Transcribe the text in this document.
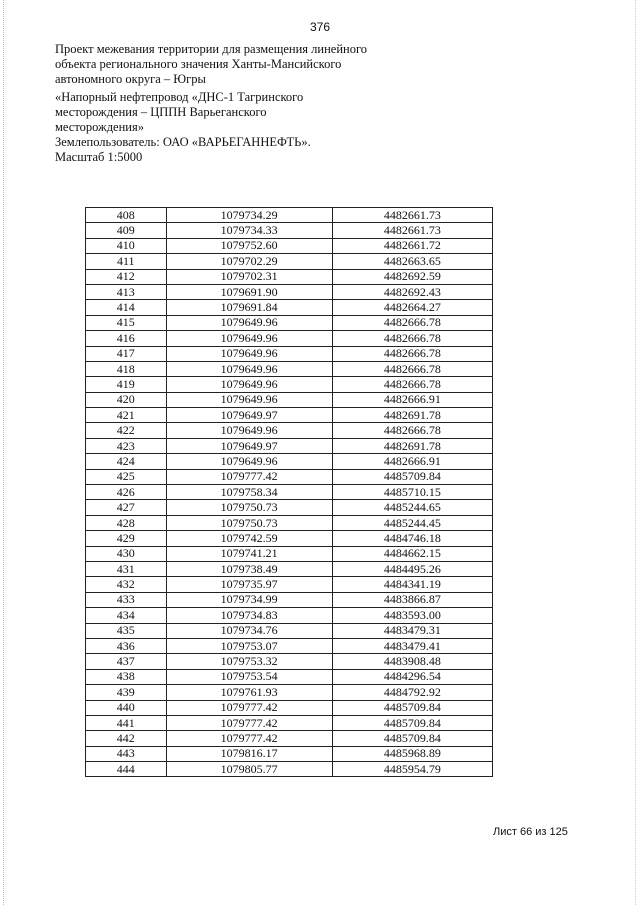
376

Проект межевания территории для размещения линейного

объекта регионального значения Ханты-Мансийского

автономного округа – Югры

«Напорный нефтепровод «ДНС-1 Тагринского

месторождения – ЦППН Варьеганского

месторождения»

Землепользователь: ОАО «ВАРЬЕГАННЕФТЬ».

Масштаб 1:5000

408	1079734.29	4482661.73
409	1079734.33	4482661.73
410	1079752.60	4482661.72
411	1079702.29	4482663.65
412	1079702.31	4482692.59
413	1079691.90	4482692.43
414	1079691.84	4482664.27
415	1079649.96	4482666.78
416	1079649.96	4482666.78
417	1079649.96	4482666.78
418	1079649.96	4482666.78
419	1079649.96	4482666.78
420	1079649.96	4482666.91
421	1079649.97	4482691.78
422	1079649.96	4482666.78
423	1079649.97	4482691.78
424	1079649.96	4482666.91
425	1079777.42	4485709.84
426	1079758.34	4485710.15
427	1079750.73	4485244.65
428	1079750.73	4485244.45
429	1079742.59	4484746.18
430	1079741.21	4484662.15
431	1079738.49	4484495.26
432	1079735.97	4484341.19
433	1079734.99	4483866.87
434	1079734.83	4483593.00
435	1079734.76	4483479.31
436	1079753.07	4483479.41
437	1079753.32	4483908.48
438	1079753.54	4484296.54
439	1079761.93	4484792.92
440	1079777.42	4485709.84
441	1079777.42	4485709.84
442	1079777.42	4485709.84
443	1079816.17	4485968.89
444	1079805.77	4485954.79
Лист 66 из 125
